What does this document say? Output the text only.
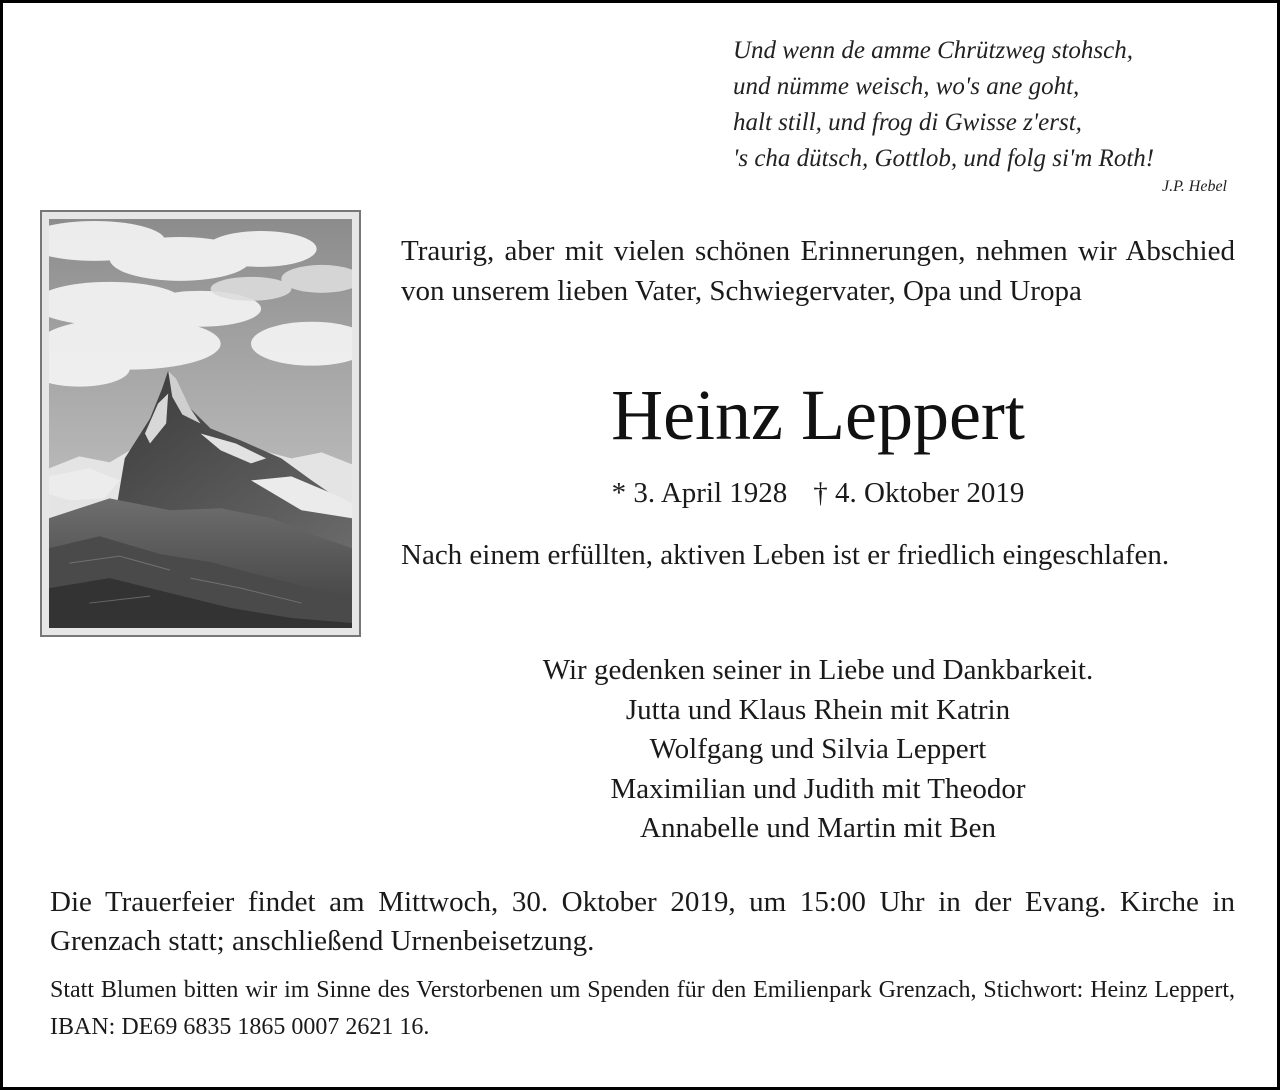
Und wenn de amme Chrützweg stohsch,
und nümme weisch, wo's ane goht,
halt still, und frog di Gwisse z'erst,
's cha dütsch, Gottlob, und folg si'm Roth!
J.P. Hebel
Traurig, aber mit vielen schönen Erinnerungen, nehmen wir Abschied von unserem lieben Vater, Schwiegervater, Opa und Uropa
Heinz Leppert
* 3. April 1928 † 4. Oktober 2019
Nach einem erfüllten, aktiven Leben ist er friedlich eingeschlafen.
Wir gedenken seiner in Liebe und Dankbarkeit.
Jutta und Klaus Rhein mit Katrin
Wolfgang und Silvia Leppert
Maximilian und Judith mit Theodor
Annabelle und Martin mit Ben
Die Trauerfeier findet am Mittwoch, 30. Oktober 2019, um 15:00 Uhr in der Evang. Kirche in Grenzach statt; anschließend Urnenbeisetzung.
Statt Blumen bitten wir im Sinne des Verstorbenen um Spenden für den Emilienpark Grenzach, Stichwort: Heinz Leppert, IBAN: DE69 6835 1865 0007 2621 16.
